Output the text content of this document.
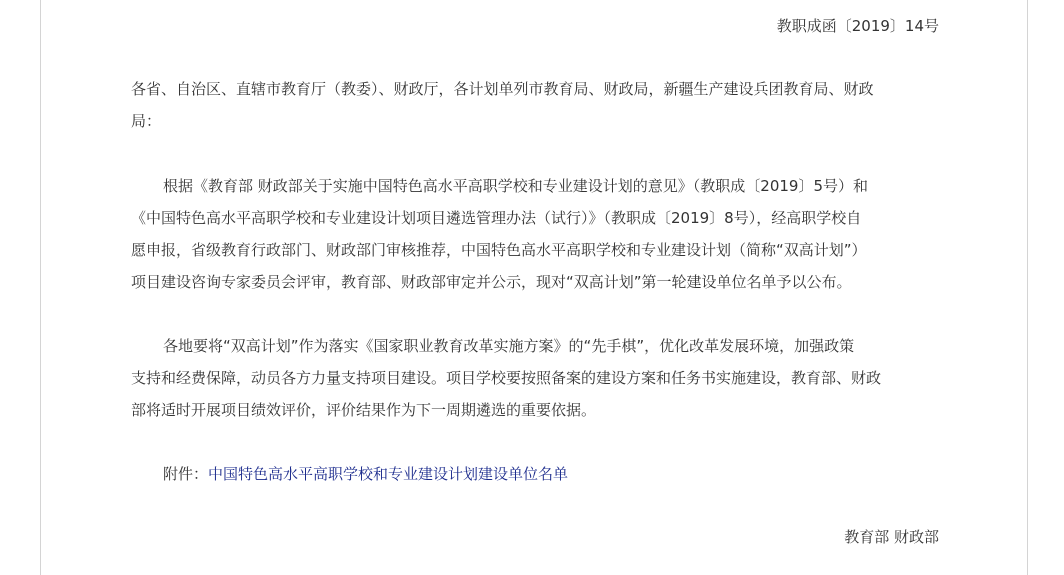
教职成函〔2019〕14号

各省、自治区、直辖市教育厅（教委）、财政厅，各计划单列市教育局、财政局，新疆生产建设兵团教育局、财政
局：

根据《教育部 财政部关于实施中国特色高水平高职学校和专业建设计划的意见》（教职成〔2019〕5号）和
《中国特色高水平高职学校和专业建设计划项目遴选管理办法（试行）》（教职成〔2019〕8号），经高职学校自
愿申报，省级教育行政部门、财政部门审核推荐，中国特色高水平高职学校和专业建设计划（简称“双高计划”）
项目建设咨询专家委员会评审，教育部、财政部审定并公示，现对“双高计划”第一轮建设单位名单予以公布。

各地要将“双高计划”作为落实《国家职业教育改革实施方案》的“先手棋”，优化改革发展环境，加强政策
支持和经费保障，动员各方力量支持项目建设。项目学校要按照备案的建设方案和任务书实施建设，教育部、财政
部将适时开展项目绩效评价，评价结果作为下一周期遴选的重要依据。

附件：中国特色高水平高职学校和专业建设计划建设单位名单
教育部 财政部
